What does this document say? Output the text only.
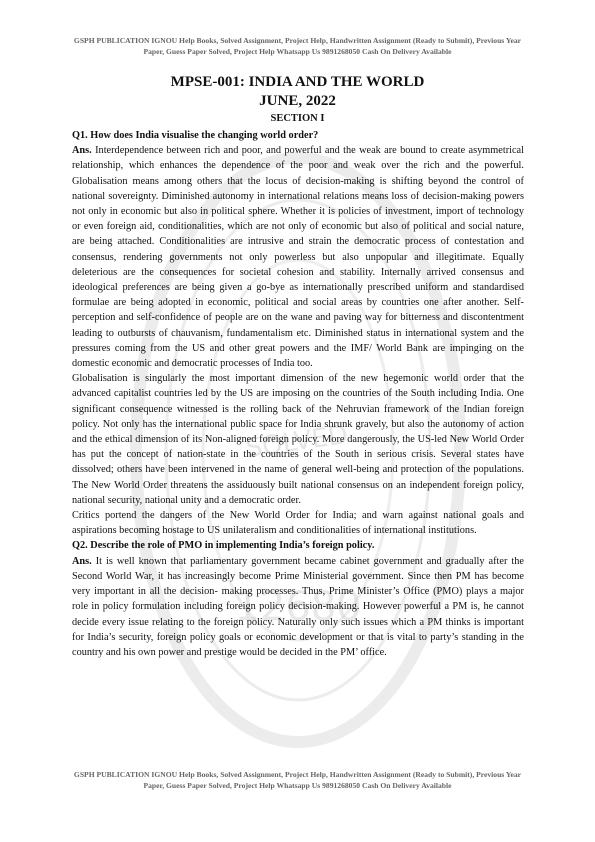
SOLVED
12680
GSPH PUBLICATION IGNOU Help Books, Solved Assignment, Project Help, Handwritten Assignment (Ready to Submit), Previous Year Paper, Guess Paper Solved, Project Help Whatsapp Us 9891268050 Cash On Delivery Available
MPSE-001: INDIA AND THE WORLD
JUNE, 2022
SECTION I

Q1. How does India visualise the changing world order?

Ans. Interdependence between rich and poor, and powerful and the weak are bound to create asymmetrical relationship, which enhances the dependence of the poor and weak over the rich and the powerful. Globalisation means among others that the locus of decision-making is shifting beyond the control of national sovereignty. Diminished autonomy in international relations means loss of decision-making powers not only in economic but also in political sphere. Whether it is policies of investment, import of technology or even foreign aid, conditionalities, which are not only of economic but also of political and social nature, are being attached. Conditionalities are intrusive and strain the democratic process of contestation and consensus, rendering governments not only powerless but also unpopular and illegitimate. Equally deleterious are the consequences for societal cohesion and stability. Internally arrived consensus and ideological preferences are being given a go-bye as internationally prescribed uniform and standardised formulae are being adopted in economic, political and social areas by countries one after another. Self-perception and self-confidence of people are on the wane and paving way for bitterness and discontentment leading to outbursts of chauvanism, fundamentalism etc. Diminished status in international system and the pressures coming from the US and other great powers and the IMF/ World Bank are impinging on the domestic economic and democratic processes of India too.

Globalisation is singularly the most important dimension of the new hegemonic world order that the advanced capitalist countries led by the US are imposing on the countries of the South including India. One significant consequence witnessed is the rolling back of the Nehruvian framework of the Indian foreign policy. Not only has the international public space for India shrunk gravely, but also the autonomy of action and the ethical dimension of its Non-aligned foreign policy. More dangerously, the US-led New World Order has put the concept of nation-state in the countries of the South in serious crisis. Several states have dissolved; others have been intervened in the name of general well-being and protection of the populations. The New World Order threatens the assiduously built national consensus on an independent foreign policy, national security, national unity and a democratic order.

Critics portend the dangers of the New World Order for India; and warn against national goals and aspirations becoming hostage to US unilateralism and conditionalities of international institutions.

Q2. Describe the role of PMO in implementing India’s foreign policy.

Ans. It is well known that parliamentary government became cabinet government and gradually after the Second World War, it has increasingly become Prime Ministerial government. Since then PM has become very important in all the decision- making processes. Thus, Prime Minister’s Office (PMO) plays a major role in policy formulation including foreign policy decision-making. However powerful a PM is, he cannot decide every issue relating to the foreign policy. Naturally only such issues which a PM thinks is important for India’s security, foreign policy goals or economic development or that is vital to party’s standing in the country and his own power and prestige would be decided in the PM’ office.

GSPH PUBLICATION IGNOU Help Books, Solved Assignment, Project Help, Handwritten Assignment (Ready to Submit), Previous Year Paper, Guess Paper Solved, Project Help Whatsapp Us 9891268050 Cash On Delivery Available
